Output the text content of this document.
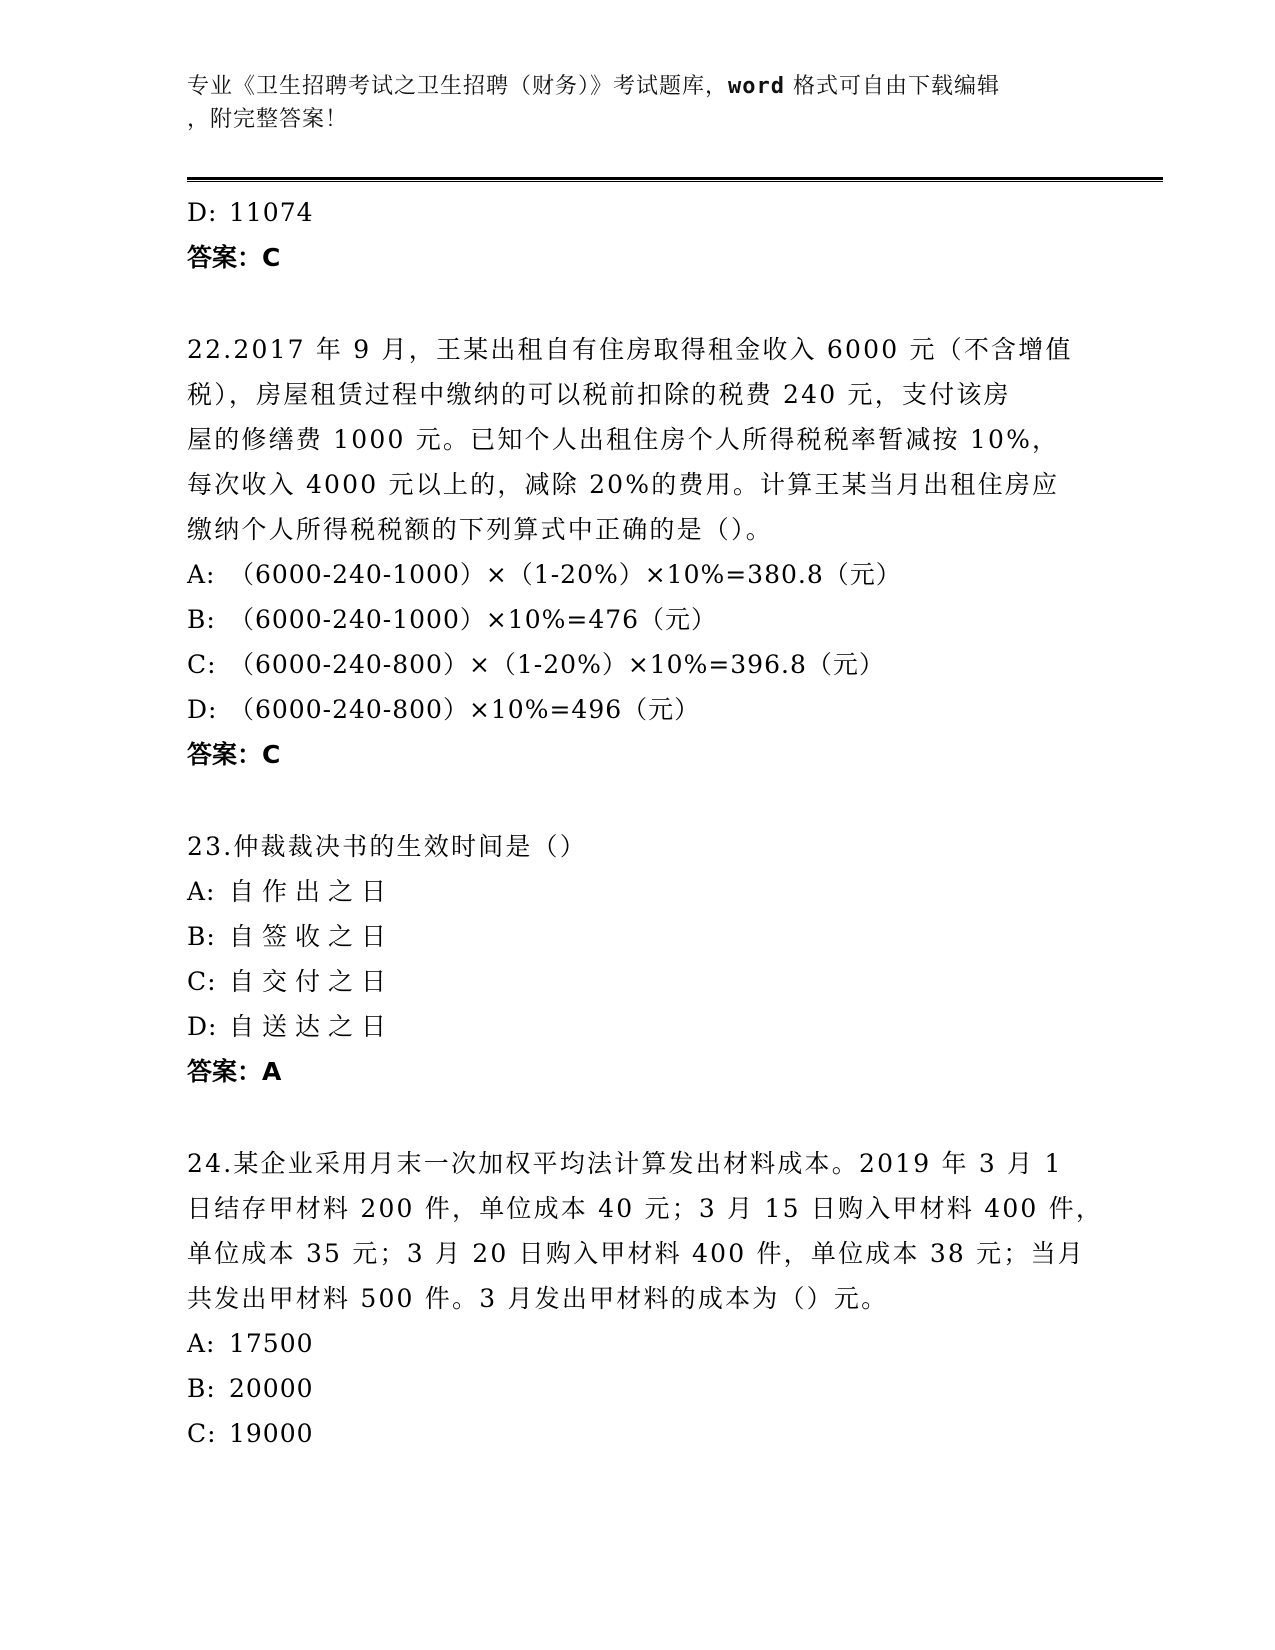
专业《卫生招聘考试之卫生招聘（财务）》考试题库，word 格式可自由下载编辑
，附完整答案！
D: 11074
答案：C
22.2017 年 9 月，王某出租自有住房取得租金收入 6000 元（不含增值
税），房屋租赁过程中缴纳的可以税前扣除的税费 240 元，支付该房
屋的修缮费 1000 元。已知个人出租住房个人所得税税率暂减按 10%，
每次收入 4000 元以上的，减除 20%的费用。计算王某当月出租住房应
缴纳个人所得税税额的下列算式中正确的是（）。
A: （6000-240-1000）×（1-20%）×10%=380.8（元）
B: （6000-240-1000）×10%=476（元）
C: （6000-240-800）×（1-20%）×10%=396.8（元）
D: （6000-240-800）×10%=496（元）
答案：C
23.仲裁裁决书的生效时间是（）
A: 自作出之日
B: 自签收之日
C: 自交付之日
D: 自送达之日
答案：A
24.某企业采用月末一次加权平均法计算发出材料成本。2019 年 3 月 1
日结存甲材料 200 件，单位成本 40 元；3 月 15 日购入甲材料 400 件，
单位成本 35 元；3 月 20 日购入甲材料 400 件，单位成本 38 元；当月
共发出甲材料 500 件。3 月发出甲材料的成本为（）元。
A: 17500
B: 20000
C: 19000
